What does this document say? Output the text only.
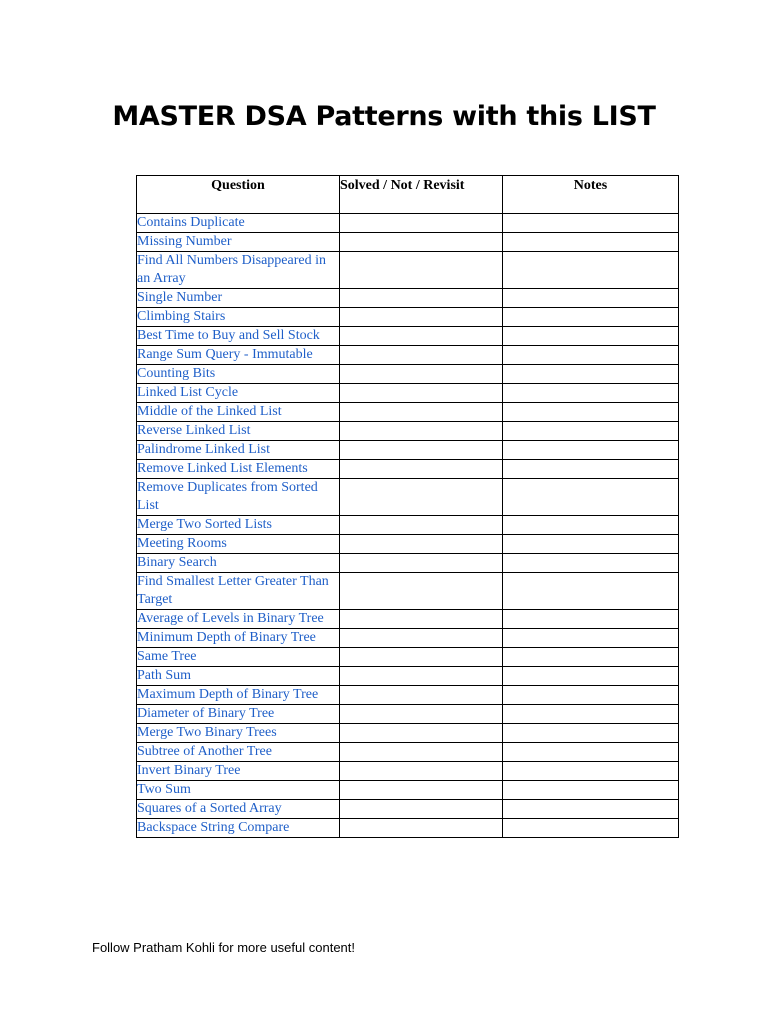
MASTER DSA Patterns with this LIST
Question	Solved / Not / Revisit	Notes
Contains Duplicate		
Missing Number		
Find All Numbers Disappeared in an Array		
Single Number		
Climbing Stairs		
Best Time to Buy and Sell Stock		
Range Sum Query - Immutable		
Counting Bits		
Linked List Cycle		
Middle of the Linked List		
Reverse Linked List		
Palindrome Linked List		
Remove Linked List Elements		
Remove Duplicates from Sorted List		
Merge Two Sorted Lists		
Meeting Rooms		
Binary Search		
Find Smallest Letter Greater Than Target		
Average of Levels in Binary Tree		
Minimum Depth of Binary Tree		
Same Tree		
Path Sum		
Maximum Depth of Binary Tree		
Diameter of Binary Tree		
Merge Two Binary Trees		
Subtree of Another Tree		
Invert Binary Tree		
Two Sum		
Squares of a Sorted Array		
Backspace String Compare		

Follow Pratham Kohli for more useful content!
